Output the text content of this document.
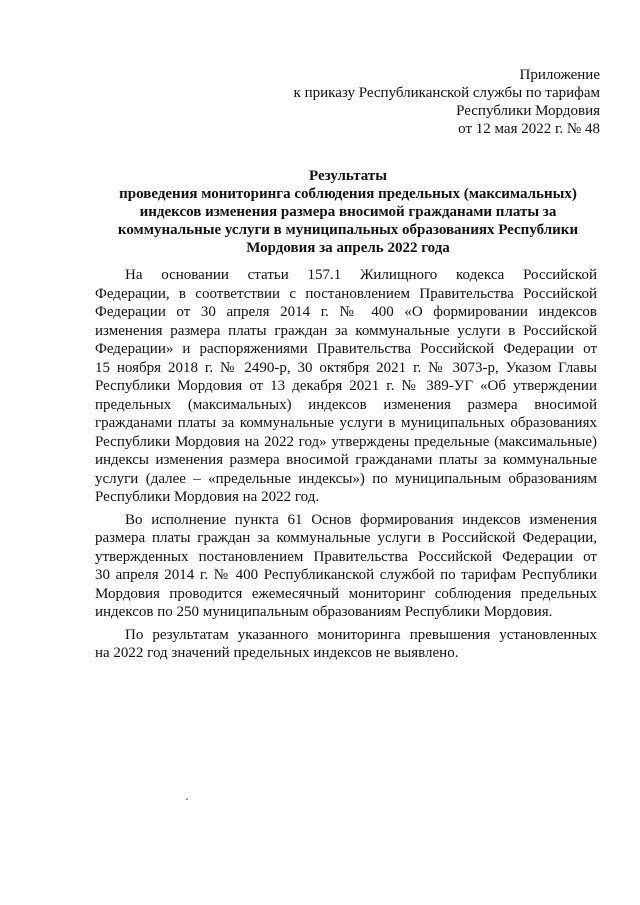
Приложение
к приказу Республиканской службы по тарифам
Республики Мордовия
от 12 мая 2022 г. № 48
Результаты
проведения мониторинга соблюдения предельных (максимальных)
индексов изменения размера вносимой гражданами платы за
коммунальные услуги в муниципальных образованиях Республики
Мордовия за апрель 2022 года
На основании статьи 157.1 Жилищного кодекса Российской
Федерации, в соответствии с постановлением Правительства Российской
Федерации от 30 апреля 2014 г. № 400 «О формировании индексов
изменения размера платы граждан за коммунальные услуги в Российской
Федерации» и распоряжениями Правительства Российской Федерации от
15 ноября 2018 г. № 2490-р, 30 октября 2021 г. № 3073-р, Указом Главы
Республики Мордовия от 13 декабря 2021 г. № 389-УГ «Об утверждении
предельных (максимальных) индексов изменения размера вносимой
гражданами платы за коммунальные услуги в муниципальных образованиях
Республики Мордовия на 2022 год» утверждены предельные (максимальные)
индексы изменения размера вносимой гражданами платы за коммунальные
услуги (далее – «предельные индексы») по муниципальным образованиям
Республики Мордовия на 2022 год.
Во исполнение пункта 61 Основ формирования индексов изменения
размера платы граждан за коммунальные услуги в Российской Федерации,
утвержденных постановлением Правительства Российской Федерации от
30 апреля 2014 г. № 400 Республиканской службой по тарифам Республики
Мордовия проводится ежемесячный мониторинг соблюдения предельных
индексов по 250 муниципальным образованиям Республики Мордовия.
По результатам указанного мониторинга превышения установленных
на 2022 год значений предельных индексов не выявлено.
